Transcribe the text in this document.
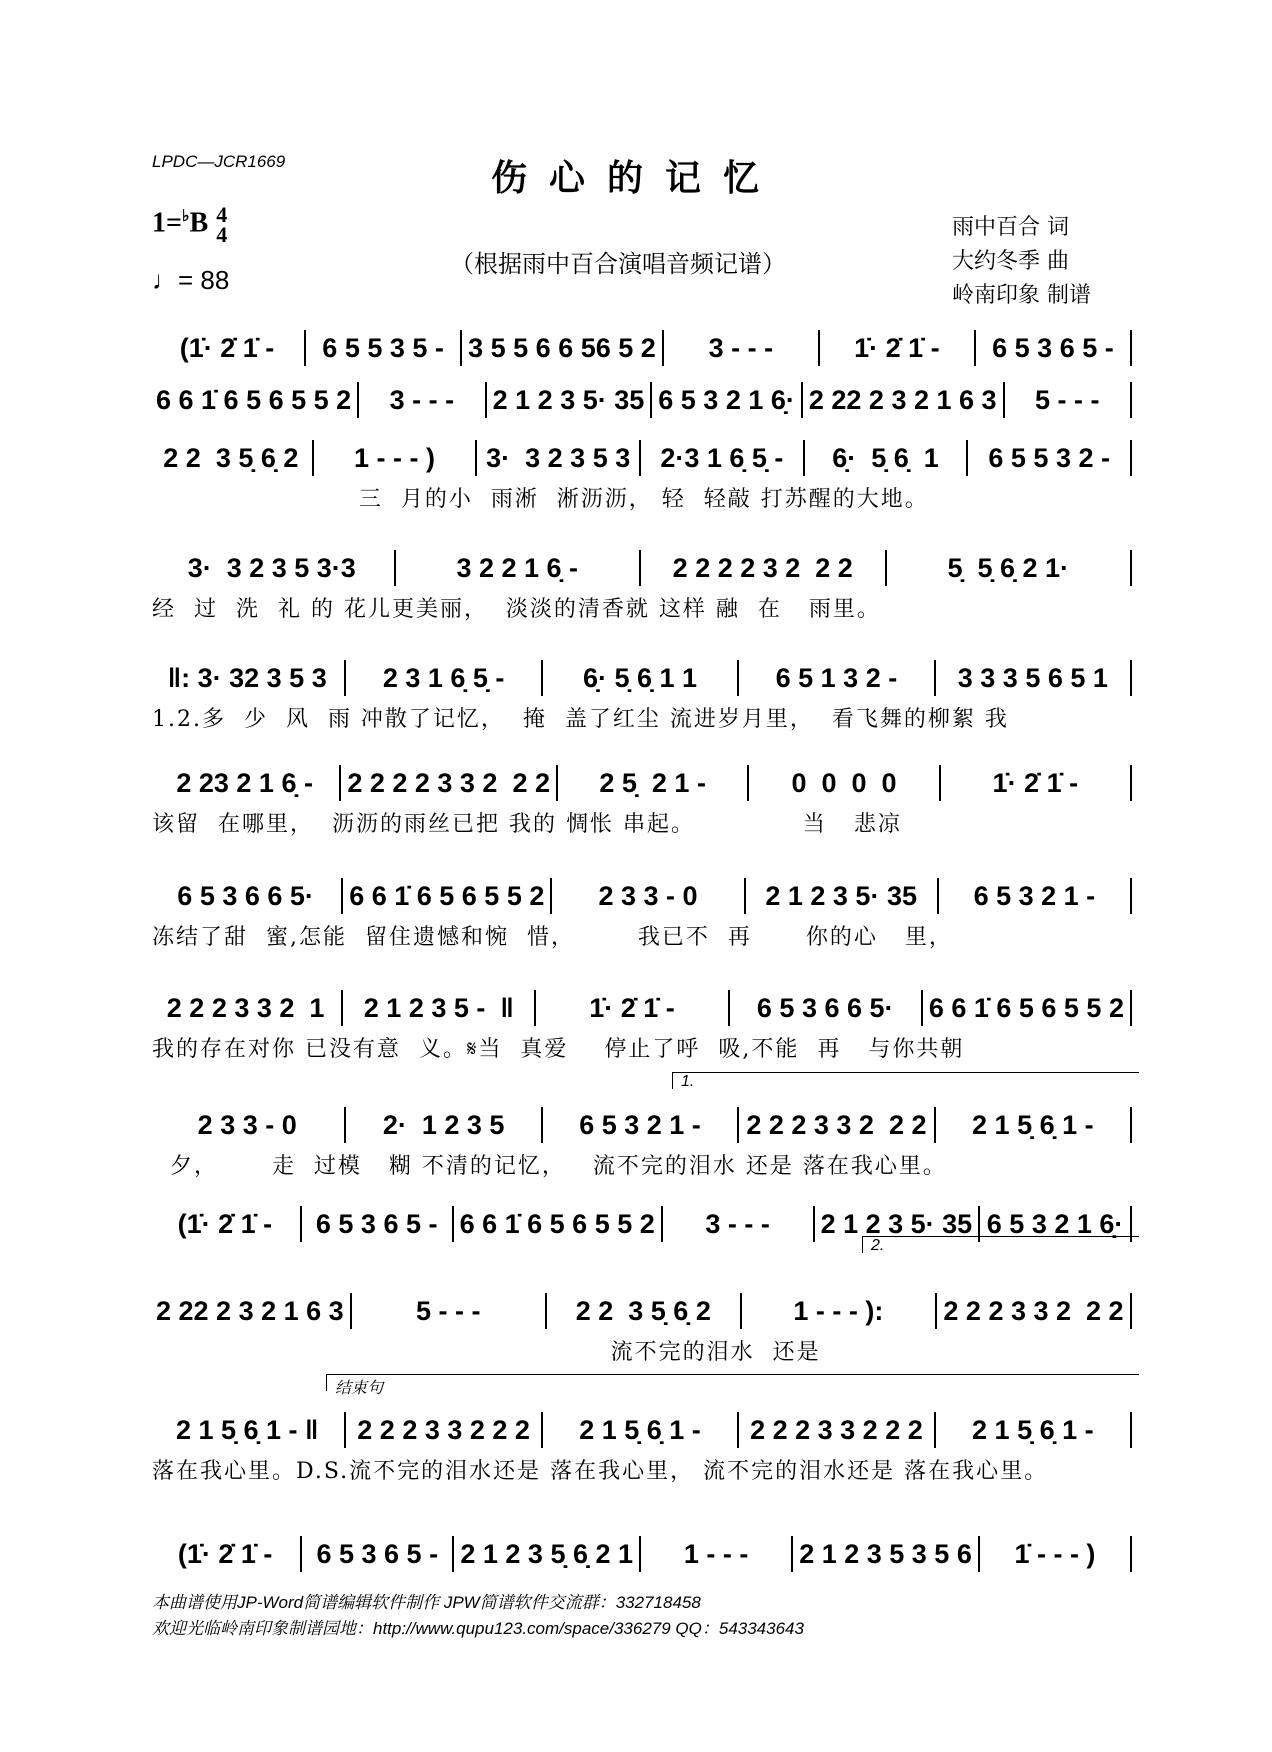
LPDC—JCR1669	伤心的记忆
1=♭B 4
4
♩= 88
（根据雨中百合演唱音频记谱）
雨中百合 词
大约冬季 曲
岭南印象 制谱
(1̇· 2̇ 1̇ -	6 5 5 3 5 - 3 5 5 6 6 56 5 2	3 - - -	1̇· 2̇ 1̇ -	6 5 3 6 5 -
6 6 1̇ 6 5 6 5 5 2	3 - - -	2 1 2 3 5· 35 6 5 3 2 1 6̣· 2 22 2 3 2 1 6 3	5 - - -
2 2  3 5̣ 6̣ 2	1 - - - )	3·  3 2 3 5 3	2·3 1 6̣ 5̣ -	6̣·  5̣ 6̣  1	6 5 5 3 2 -
三  月的小  雨淅  淅沥沥， 轻  轻敲 打苏醒的大地。
3·  3 2 3 5 3·3	3 2 2 1 6̣ -	2 2 2 2 3 2  2 2	5̣  5̣ 6̣ 2 1·
经  过  洗  礼 的 花儿更美丽，  淡淡的清香就 这样 融  在   雨里。
‖: 3· 32 3 5 3	2 3 1 6̣ 5̣ -	6̣· 5̣ 6̣ 1 1	6 5 1 3 2 -	3 3 3 5 6 5 1
1.2.多  少  风  雨 冲散了记忆，  掩  盖了红尘 流进岁月里，  看飞舞的柳絮 我
2 23 2 1 6̣ -	2 2 2 2 3 3 2  2 2	2 5̣  2 1 -	0  0  0  0	1̇· 2̇ 1̇ -
该留  在哪里，  沥沥的雨丝已把 我的 惆怅 串起。            当   悲凉
6 5 3 6 6 5·	6 6 1̇ 6 5 6 5 5 2	2 3 3 - 0	2 1 2 3 5· 35	6 5 3 2 1 -
冻结了甜  蜜,怎能  留住遗憾和惋  惜，       我已不  再      你的心   里，
2 2 2 3 3 2  1	2 1 2 3 5 -  ‖	1̇· 2̇ 1̇ -	6 5 3 6 6 5·	6 6 1̇ 6 5 6 5 5 2
我的存在对你 已没有意  义。𝄋当  真爱    停止了呼  吸,不能  再   与你共朝
2 3 3 - 0	2·  1 2 3 5	6 5 3 2 1 -	2 2 2 3 3 2  2 2	2 1 5̣ 6̣ 1 -
夕，      走  过模   糊 不清的记忆，   流不完的泪水 还是 落在我心里。
(1̇· 2̇ 1̇ -	6 5 3 6 5 - 6 6 1̇ 6 5 6 5 5 2	3 - - -	2 1 2 3 5· 35 6 5 3 2 1 6̣·
2 22 2 3 2 1 6 3	5 - - -	2 2  3 5̣ 6̣ 2	1 - - - ):	2 2 2 3 3 2  2 2
流不完的泪水  还是
2 1 5̣ 6̣ 1 - ‖	2 2 2 3 3 2 2 2	2 1 5̣ 6̣ 1 -	2 2 2 3 3 2 2 2	2 1 5̣ 6̣ 1 -
落在我心里。D.S.流不完的泪水还是 落在我心里， 流不完的泪水还是 落在我心里。
(1̇· 2̇ 1̇ -	6 5 3 6 5 - 2 1 2 3 5̣ 6̣ 2 1	1 - - -	2 1 2 3 5 3 5 6	1̇ - - - )
1.
2.
结束句
本曲谱使用JP-Word简谱编辑软件制作 JPW简谱软件交流群：332718458
欢迎光临岭南印象制谱园地：http://www.qupu123.com/space/336279 QQ：543343643
